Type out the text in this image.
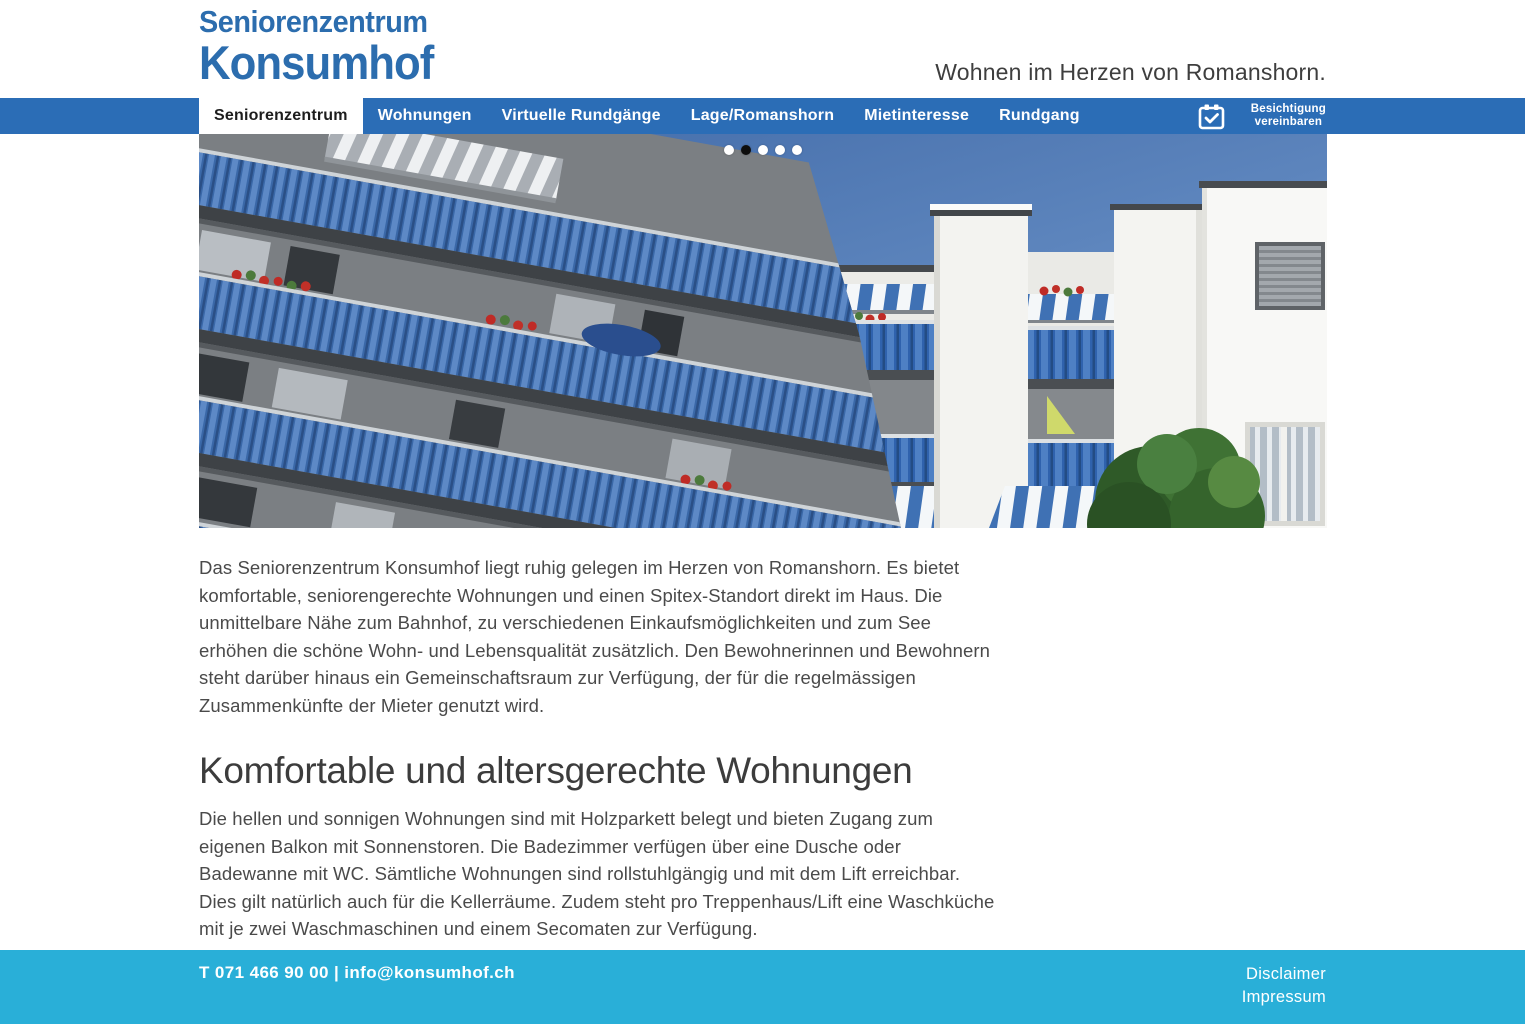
Seniorenzentrum
Konsumhof	Wohnen im Herzen von Romanshorn.
Seniorenzentrum	Wohnungen	Virtuelle Rundgänge	Lage/Romanshorn	Mietinteresse	Rundgang	Besichtigung
vereinbaren

Das Seniorenzentrum Konsumhof liegt ruhig gelegen im Herzen von Romanshorn. Es bietet komfortable, seniorengerechte Wohnungen und einen Spitex-Standort direkt im Haus. Die unmittelbare Nähe zum Bahnhof, zu verschiedenen Einkaufsmöglichkeiten und zum See erhöhen die schöne Wohn- und Lebensqualität zusätzlich. Den Bewohnerinnen und Bewohnern steht darüber hinaus ein Gemeinschaftsraum zur Verfügung, der für die regelmässigen Zusammenkünfte der Mieter genutzt wird.

Komfortable und altersgerechte Wohnungen

Die hellen und sonnigen Wohnungen sind mit Holzparkett belegt und bieten Zugang zum eigenen Balkon mit Sonnenstoren. Die Badezimmer verfügen über eine Dusche oder Badewanne mit WC. Sämtliche Wohnungen sind rollstuhlgängig und mit dem Lift erreichbar. Dies gilt natürlich auch für die Kellerräume. Zudem steht pro Treppenhaus/Lift eine Waschküche mit je zwei Waschmaschinen und einem Secomaten zur Verfügung.

T 071 466 90 00 | info@konsumhof.ch	Disclaimer
Impressum
